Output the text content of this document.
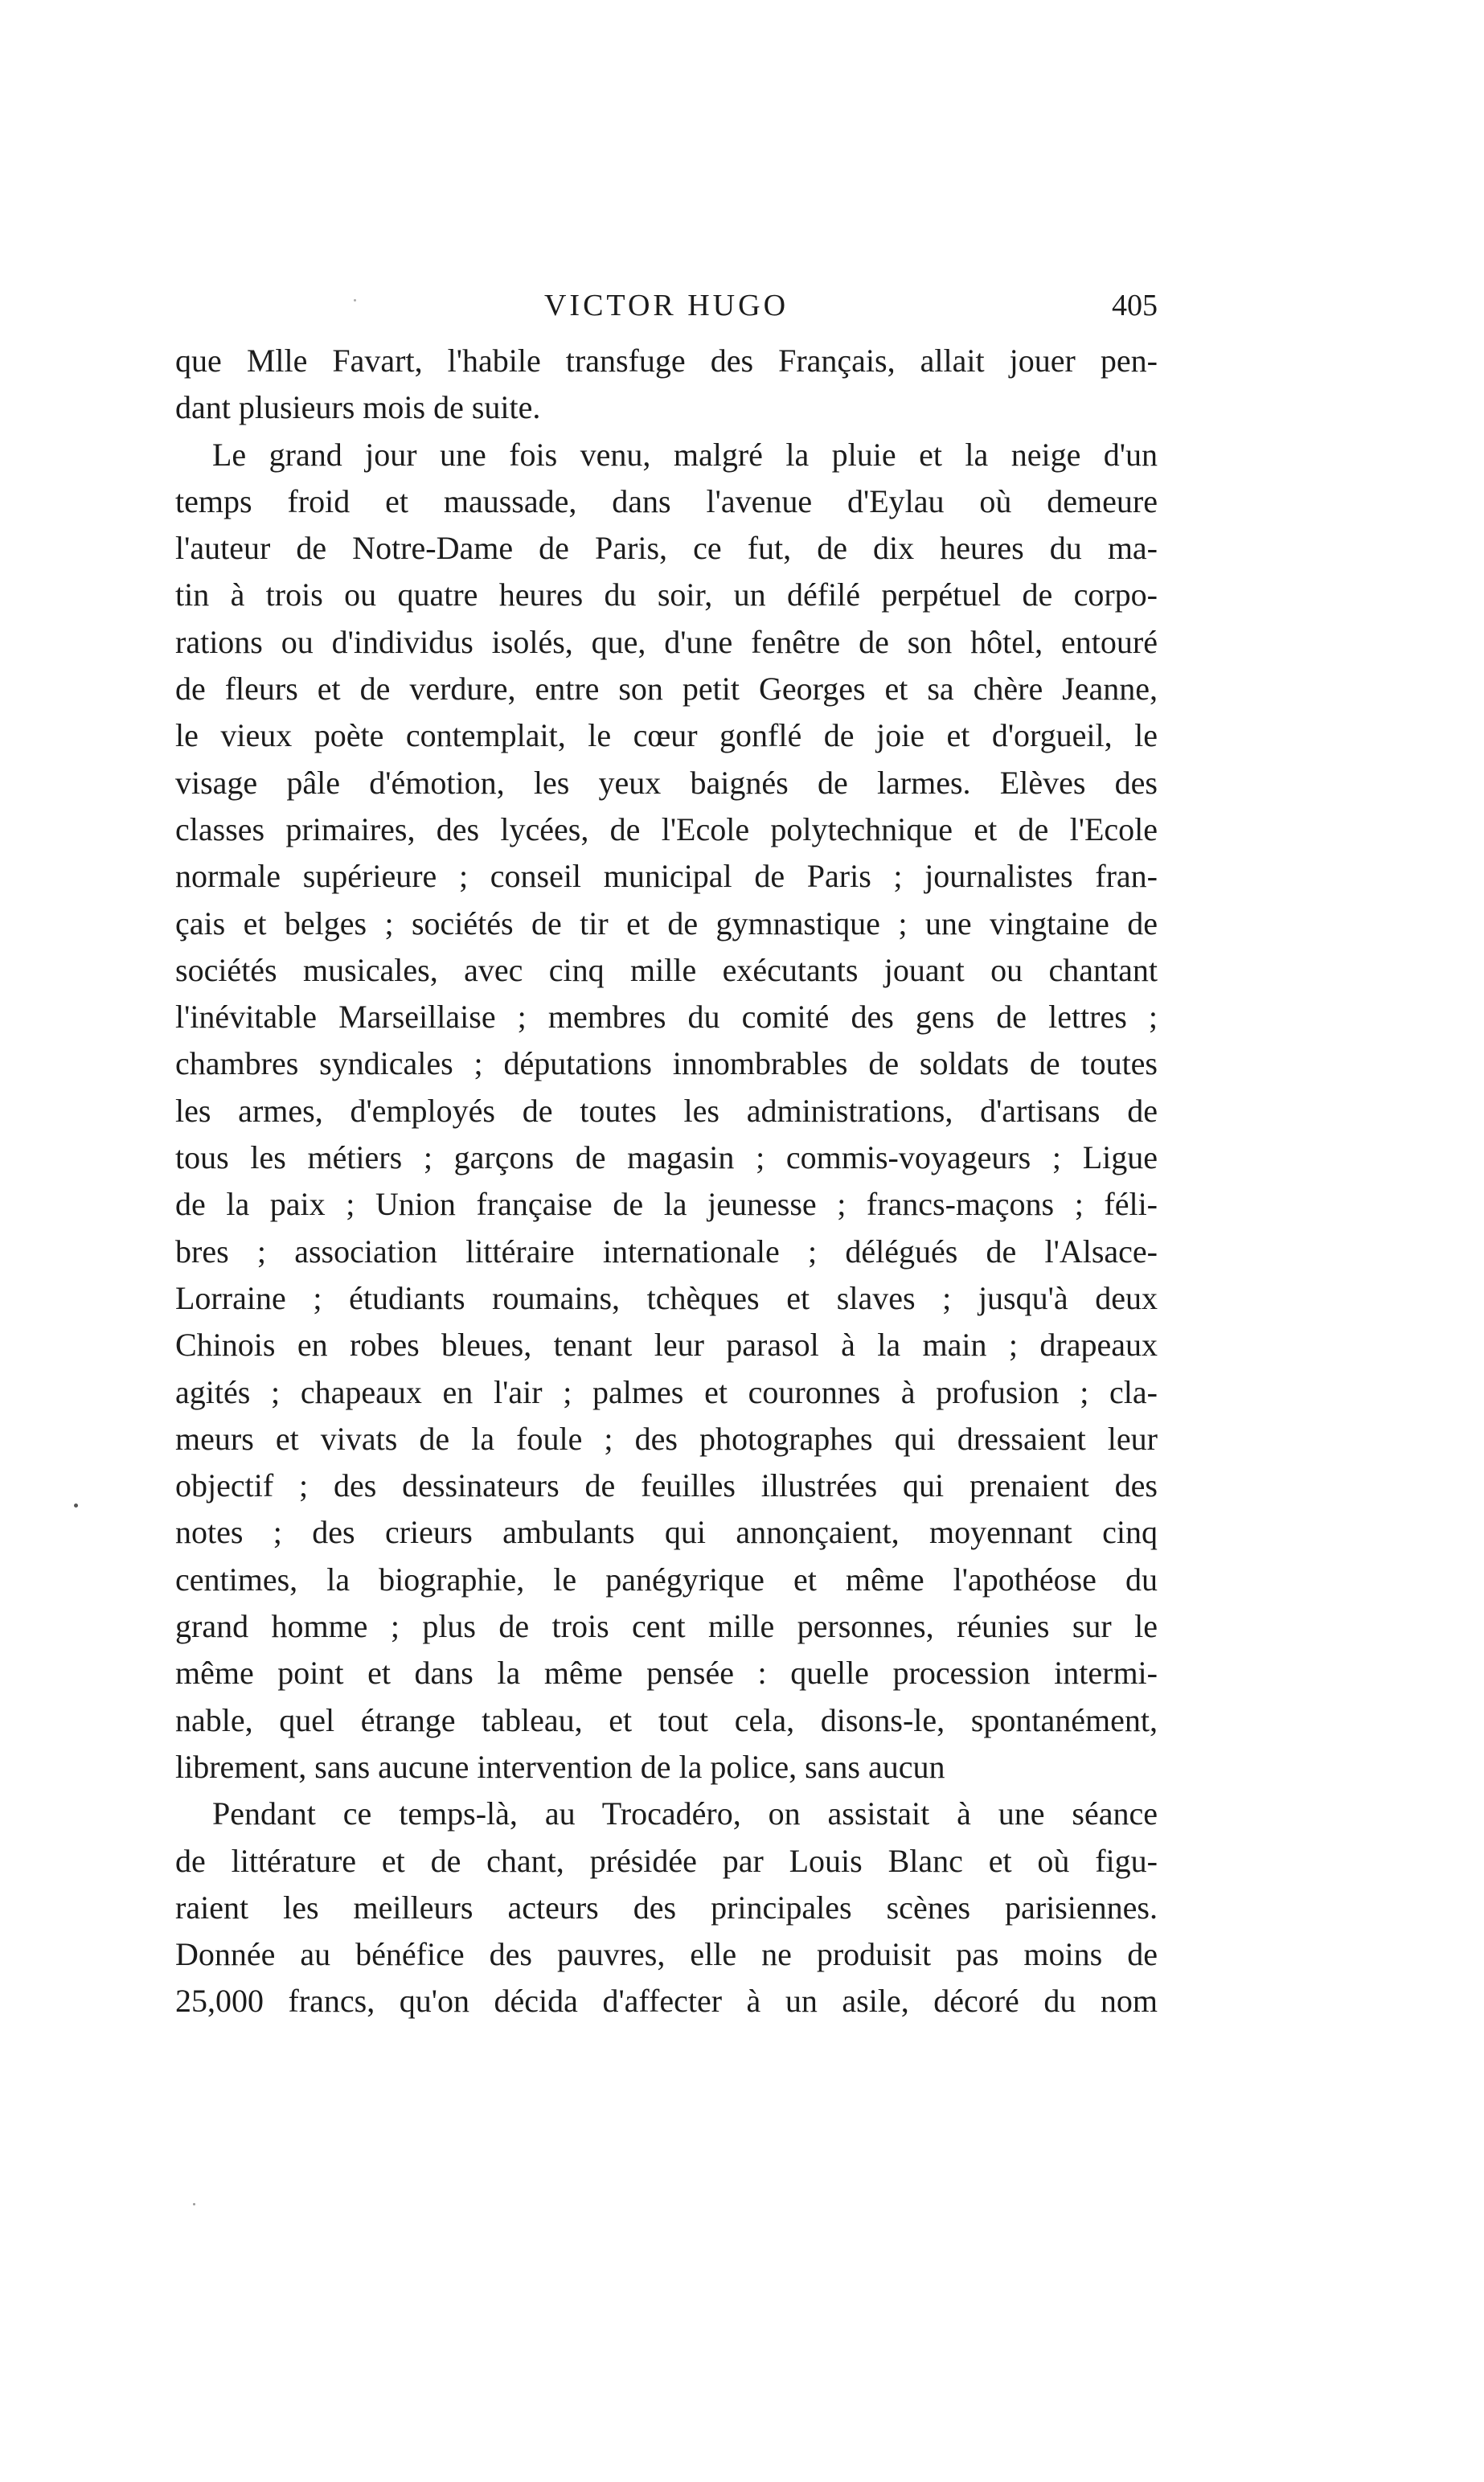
VICTOR HUGO	405
que Mlle Favart, l'habile transfuge des Français, allait jouer pen-
dant plusieurs mois de suite.
Le grand jour une fois venu, malgré la pluie et la neige d'un
temps froid et maussade, dans l'avenue d'Eylau où demeure
l'auteur de Notre-Dame de Paris, ce fut, de dix heures du ma-
tin à trois ou quatre heures du soir, un défilé perpétuel de corpo-
rations ou d'individus isolés, que, d'une fenêtre de son hôtel, entouré
de fleurs et de verdure, entre son petit Georges et sa chère Jeanne,
le vieux poète contemplait, le cœur gonflé de joie et d'orgueil, le
visage pâle d'émotion, les yeux baignés de larmes. Elèves des
classes primaires, des lycées, de l'Ecole polytechnique et de l'Ecole
normale supérieure ; conseil municipal de Paris ; journalistes fran-
çais et belges ; sociétés de tir et de gymnastique ; une vingtaine de
sociétés musicales, avec cinq mille exécutants jouant ou chantant
l'inévitable Marseillaise ; membres du comité des gens de lettres ;
chambres syndicales ; députations innombrables de soldats de toutes
les armes, d'employés de toutes les administrations, d'artisans de
tous les métiers ; garçons de magasin ; commis-voyageurs ; Ligue
de la paix ; Union française de la jeunesse ; francs-maçons ; féli-
bres ; association littéraire internationale ; délégués de l'Alsace-
Lorraine ; étudiants roumains, tchèques et slaves ; jusqu'à deux
Chinois en robes bleues, tenant leur parasol à la main ; drapeaux
agités ; chapeaux en l'air ; palmes et couronnes à profusion ; cla-
meurs et vivats de la foule ; des photographes qui dressaient leur
objectif ; des dessinateurs de feuilles illustrées qui prenaient des
notes ; des crieurs ambulants qui annonçaient, moyennant cinq
centimes, la biographie, le panégyrique et même l'apothéose du
grand homme ; plus de trois cent mille personnes, réunies sur le
même point et dans la même pensée : quelle procession intermi-
nable, quel étrange tableau, et tout cela, disons-le, spontanément,
librement, sans aucune intervention de la police, sans aucun
Pendant ce temps-là, au Trocadéro, on assistait à une séance
de littérature et de chant, présidée par Louis Blanc et où figu-
raient les meilleurs acteurs des principales scènes parisiennes.
Donnée au bénéfice des pauvres, elle ne produisit pas moins de
25,000 francs, qu'on décida d'affecter à un asile, décoré du nom
